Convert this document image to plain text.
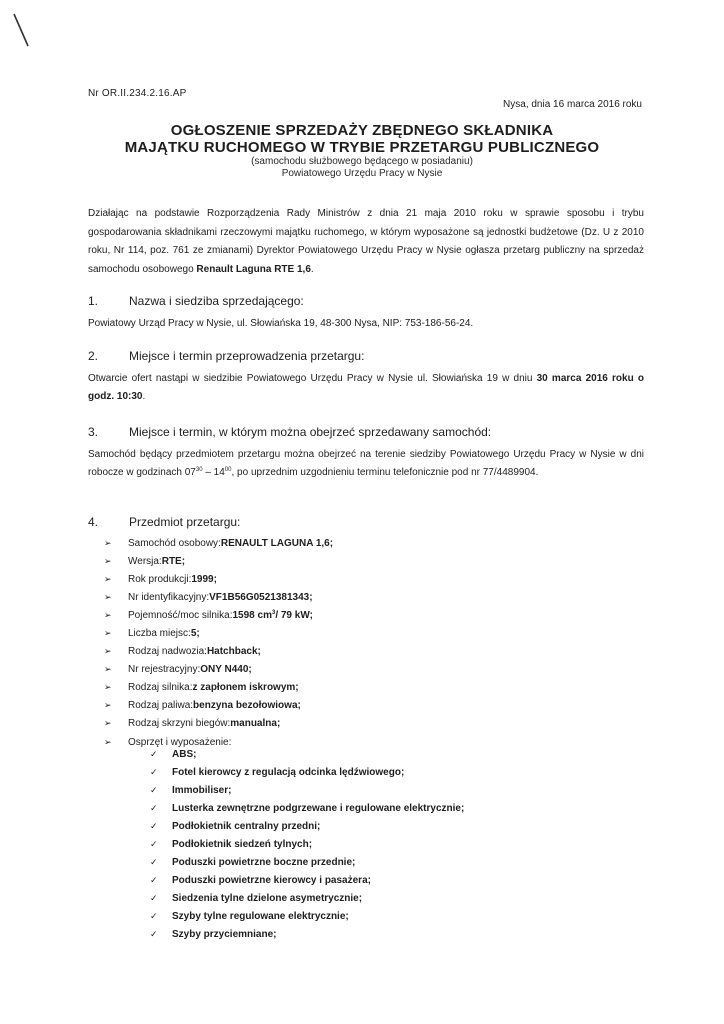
Nr OR.II.234.2.16.AP
Nysa, dnia 16 marca 2016 roku
OGŁOSZENIE SPRZEDAŻY ZBĘDNEGO SKŁADNIKA
MAJĄTKU RUCHOMEGO W TRYBIE PRZETARGU PUBLICZNEGO
(samochodu służbowego będącego w posiadaniu)
Powiatowego Urzędu Pracy w Nysie
Działając na podstawie Rozporządzenia Rady Ministrów z dnia 21 maja 2010 roku w sprawie sposobu i trybu gospodarowania składnikami rzeczowymi majątku ruchomego, w którym wyposażone są jednostki budżetowe (Dz. U z 2010 roku, Nr 114, poz. 761 ze zmianami) Dyrektor Powiatowego Urzędu Pracy w Nysie ogłasza przetarg publiczny na sprzedaż samochodu osobowego Renault Laguna RTE 1,6.
1.	Nazwa i siedziba sprzedającego:
Powiatowy Urząd Pracy w Nysie, ul. Słowiańska 19, 48-300 Nysa, NIP: 753-186-56-24.
2.	Miejsce i termin przeprowadzenia przetargu:
Otwarcie ofert nastąpi w siedzibie Powiatowego Urzędu Pracy w Nysie ul. Słowiańska 19 w dniu 30 marca 2016 roku o godz. 10:30.
3.	Miejsce i termin, w którym można obejrzeć sprzedawany samochód:
Samochód będący przedmiotem przetargu można obejrzeć na terenie siedziby Powiatowego Urzędu Pracy w Nysie w dni robocze w godzinach $07^{30} - 14^{00}$, po uprzednim uzgodnieniu terminu telefonicznie pod nr 77/4489904.
4.	Przedmiot przetargu:
➢	Samochód osobowy: RENAULT LAGUNA 1,6;
➢	Wersja: RTE;
➢	Rok produkcji: 1999;
➢	Nr identyfikacyjny: VF1B56G0521381343;
➢	Pojemność/moc silnika: 1598 cm $^3$ / 79 kW;
➢	Liczba miejsc: 5;
➢	Rodzaj nadwozia: Hatchback;
➢	Nr rejestracyjny: ONY N440;
➢	Rodzaj silnika: z zapłonem iskrowym;
➢	Rodzaj paliwa: benzyna bezołowiowa;
➢	Rodzaj skrzyni biegów: manualna;
➢	Osprzęt i wyposażenie:
✓	ABS;
✓	Fotel kierowcy z regulacją odcinka lędźwiowego;
✓	Immobiliser;
✓	Lusterka zewnętrzne podgrzewane i regulowane elektrycznie;
✓	Podłokietnik centralny przedni;
✓	Podłokietnik siedzeń tylnych;
✓	Poduszki powietrzne boczne przednie;
✓	Poduszki powietrzne kierowcy i pasażera;
✓	Siedzenia tylne dzielone asymetrycznie;
✓	Szyby tylne regulowane elektrycznie;
✓	Szyby przyciemniane;
